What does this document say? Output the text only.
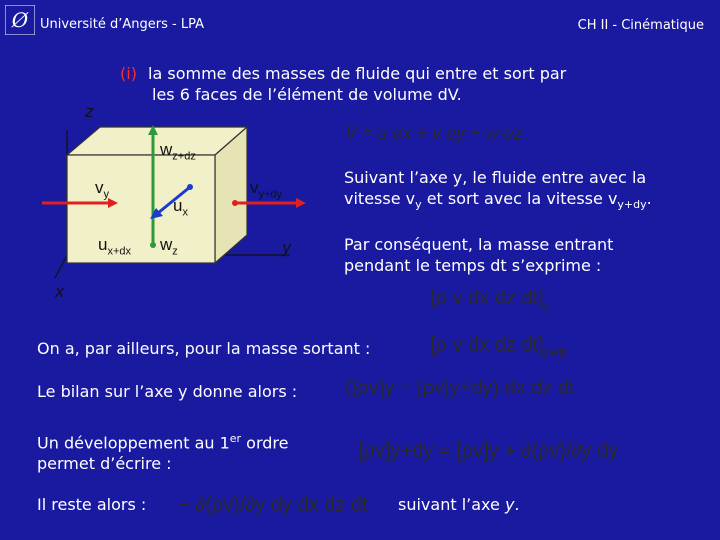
Ø Université d’Angers - LPA	CH II - Cinématique
(i) la somme des masses de fluide qui entre et sort par
les 6 faces de l’élément de volume dV.
z
x
y
$w_{z+dz}$
$v_y$
$u_x$
$v_{y+dy}$
$u_{x+dx}$ $w_z$
V = u ex + v ey + w ez
Suivant l’axe y, le fluide entre avec la
vitesse $v_y$ et sort avec la vitesse $v_{y+dy}$.
Par conséquent, la masse entrant
pendant le temps dt s’exprime :
[ρ v dx dz $dt]_y$
On a, par ailleurs, pour la masse sortant :	[ρ v dx dz $dt]_{y+dy}$
Le bilan sur l’axe y donne alors : ([ρv]y − [ρv]y+dy) dx dz dt
Un développement au 1er ordre
permet d’écrire :
[ρv]y+dy = [ρv]y + ∂(ρv)/∂y dy
Il reste alors : − ∂(ρv)/∂y dy dx dz dt suivant l’axe y.
